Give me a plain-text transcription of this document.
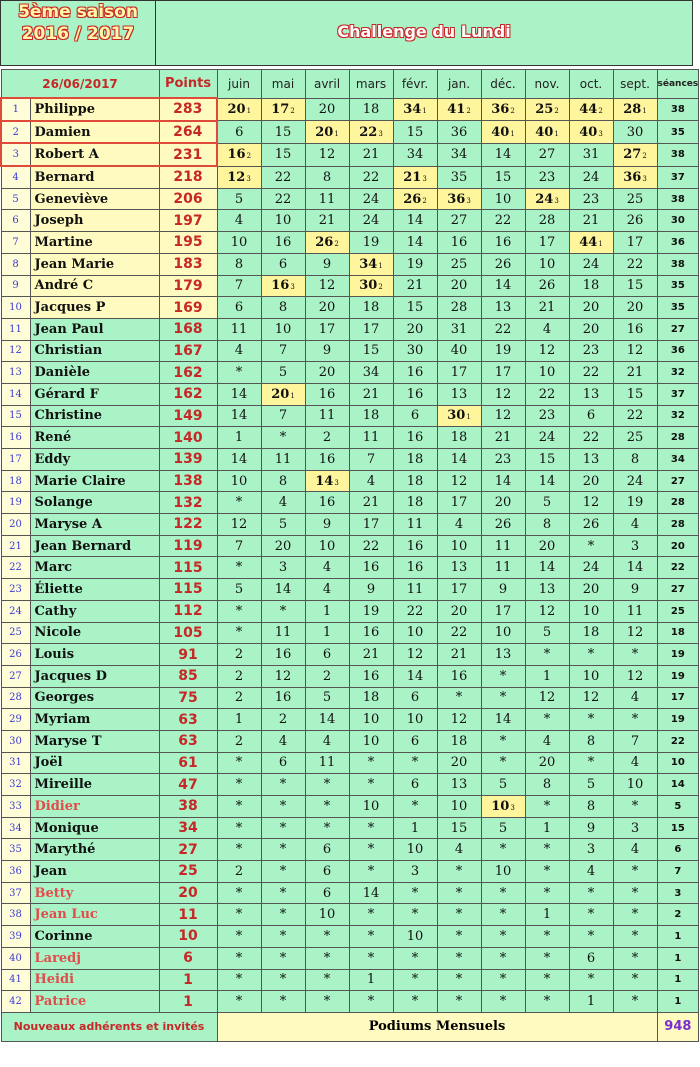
5ème saison
2016 / 2017	Challenge du Lundi
26/06/2017		Points	juin	mai	avril	mars	févr.	jan.	déc.	nov.	oct.	sept.	séances
1	Philippe	283	201	172	20	18	341	412	362	252	442	281	38
2	Damien	264	6	15	201	223	15	36	401	401	403	30	35
3	Robert A	231	162	15	12	21	34	34	14	27	31	272	38
4	Bernard	218	123	22	8	22	213	35	15	23	24	363	37
5	Geneviève	206	5	22	11	24	262	363	10	243	23	25	38
6	Joseph	197	4	10	21	24	14	27	22	28	21	26	30
7	Martine	195	10	16	262	19	14	16	16	17	441	17	36
8	Jean Marie	183	8	6	9	341	19	25	26	10	24	22	38
9	André C	179	7	163	12	302	21	20	14	26	18	15	35
10	Jacques P	169	6	8	20	18	15	28	13	21	20	20	35
11	Jean Paul	168	11	10	17	17	20	31	22	4	20	16	27
12	Christian	167	4	7	9	15	30	40	19	12	23	12	36
13	Danièle	162	*	5	20	34	16	17	17	10	22	21	32
14	Gérard F	162	14	201	16	21	16	13	12	22	13	15	37
15	Christine	149	14	7	11	18	6	301	12	23	6	22	32
16	René	140	1	*	2	11	16	18	21	24	22	25	28
17	Eddy	139	14	11	16	7	18	14	23	15	13	8	34
18	Marie Claire	138	10	8	143	4	18	12	14	14	20	24	27
19	Solange	132	*	4	16	21	18	17	20	5	12	19	28
20	Maryse A	122	12	5	9	17	11	4	26	8	26	4	28
21	Jean Bernard	119	7	20	10	22	16	10	11	20	*	3	20
22	Marc	115	*	3	4	16	16	13	11	14	24	14	22
23	Éliette	115	5	14	4	9	11	17	9	13	20	9	27
24	Cathy	112	*	*	1	19	22	20	17	12	10	11	25
25	Nicole	105	*	11	1	16	10	22	10	5	18	12	18
26	Louis	91	2	16	6	21	12	21	13	*	*	*	19
27	Jacques D	85	2	12	2	16	14	16	*	1	10	12	19
28	Georges	75	2	16	5	18	6	*	*	12	12	4	17
29	Myriam	63	1	2	14	10	10	12	14	*	*	*	19
30	Maryse T	63	2	4	4	10	6	18	*	4	8	7	22
31	Joël	61	*	6	11	*	*	20	*	20	*	4	10
32	Mireille	47	*	*	*	*	6	13	5	8	5	10	14
33	Didier	38	*	*	*	10	*	10	103	*	8	*	5
34	Monique	34	*	*	*	*	1	15	5	1	9	3	15
35	Marythé	27	*	*	6	*	10	4	*	*	3	4	6
36	Jean	25	2	*	6	*	3	*	10	*	4	*	7
37	Betty	20	*	*	6	14	*	*	*	*	*	*	3
38	Jean Luc	11	*	*	10	*	*	*	*	1	*	*	2
39	Corinne	10	*	*	*	*	10	*	*	*	*	*	1
40	Laredj	6	*	*	*	*	*	*	*	*	6	*	1
41	Heidi	1	*	*	*	1	*	*	*	*	*	*	1
42	Patrice	1	*	*	*	*	*	*	*	*	1	*	1
Nouveaux adhérents et invités			Podiums Mensuels										948
